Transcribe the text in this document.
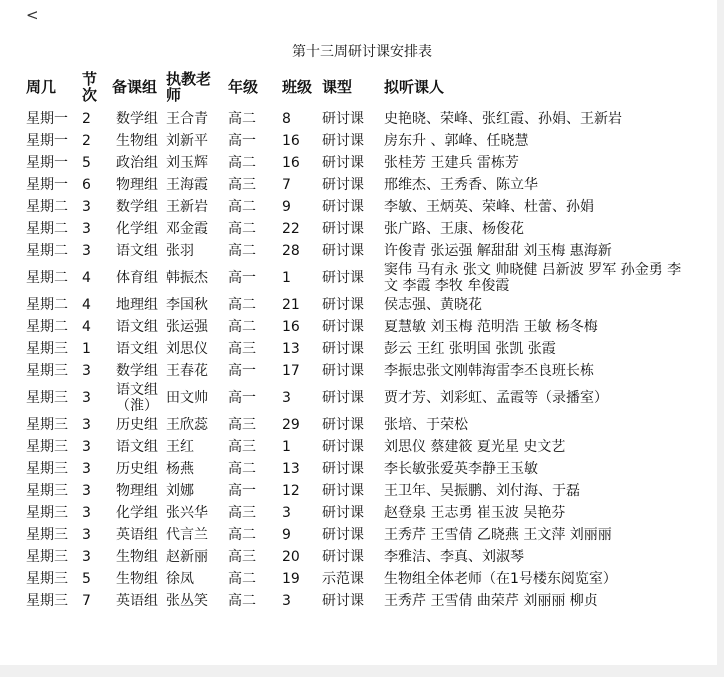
<
第十三周研讨课安排表
周几	节次	备课组	执教老师	年级	班级	课型	拟听课人
星期一	2	数学组	王合青	高二	8	研讨课	史艳晓、荣峰、张红霞、孙娟、王新岩
星期一	2	生物组	刘新平	高一	16	研讨课	房东升 、郭峰、任晓慧
星期一	5	政治组	刘玉辉	高二	16	研讨课	张桂芳 王建兵 雷栋芳
星期一	6	物理组	王海霞	高三	7	研讨课	邢维杰、王秀香、陈立华
星期二	3	数学组	王新岩	高二	9	研讨课	李敏、王炳英、荣峰、杜蕾、孙娟
星期二	3	化学组	邓金霞	高二	22	研讨课	张广路、王康、杨俊花
星期二	3	语文组	张羽	高二	28	研讨课	许俊青 张运强 解甜甜 刘玉梅 惠海新
星期二	4	体育组	韩振杰	高一	1	研讨课	窦伟 马有永 张文 帅晓健 吕新波 罗军 孙金勇 李文 李霞 李牧 牟俊霞
星期二	4	地理组	李国秋	高二	21	研讨课	侯志强、黄晓花
星期二	4	语文组	张运强	高二	16	研讨课	夏慧敏 刘玉梅 范明浩 王敏 杨冬梅
星期三	1	语文组	刘思仪	高三	13	研讨课	彭云 王红 张明国 张凯 张霞
星期三	3	数学组	王春花	高一	17	研讨课	李振忠张文刚韩海雷李丕良班长栋
星期三	3	语文组（淮）	田文帅	高一	3	研讨课	贾才芳、刘彩虹、孟霞等（录播室）
星期三	3	历史组	王欣蕊	高三	29	研讨课	张培、于荣松
星期三	3	语文组	王红	高三	1	研讨课	刘思仪 蔡建筱 夏光星 史文艺
星期三	3	历史组	杨燕	高二	13	研讨课	李长敏张爱英李静王玉敏
星期三	3	物理组	刘娜	高一	12	研讨课	王卫年、吴振鹏、刘付海、于磊
星期三	3	化学组	张兴华	高三	3	研讨课	赵登泉 王志勇 崔玉波 吴艳芬
星期三	3	英语组	代言兰	高二	9	研讨课	王秀芹 王雪倩 乙晓燕 王文萍 刘丽丽
星期三	3	生物组	赵新丽	高三	20	研讨课	李雅洁、李真、刘淑琴
星期三	5	生物组	徐凤	高二	19	示范课	生物组全体老师（在1号楼东阅览室）
星期三	7	英语组	张丛笑	高二	3	研讨课	王秀芹 王雪倩 曲荣芹 刘丽丽 柳贞
